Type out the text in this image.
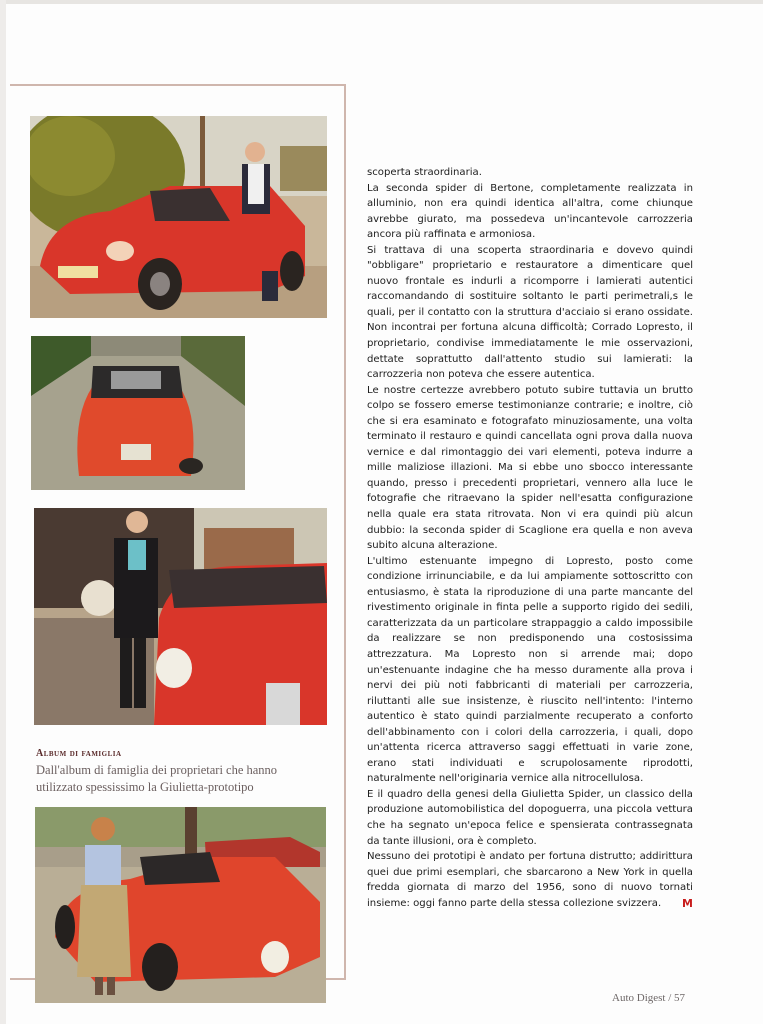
Album di famiglia
Dall'album di famiglia dei proprietari che hanno utilizzato spessissimo la Giulietta-prototipo

scoperta straordinaria.

La seconda spider di Bertone, completamente realizzata in alluminio, non era quindi identica all'altra, come chiunque avrebbe giurato, ma possedeva un'incantevole carrozzeria ancora più raffinata e armoniosa.

Si trattava di una scoperta straordinaria e dovevo quindi "obbligare" proprietario e restauratore a dimenticare quel nuovo frontale es indurli a ricomporre i lamierati autentici raccomandando di sostituire soltanto le parti perimetrali,s le quali, per il contatto con la struttura d'acciaio si erano ossidate. Non incontrai per fortuna alcuna difficoltà; Corrado Lopresto, il proprietario, condivise immediatamente le mie osservazioni, dettate soprattutto dall'attento studio sui lamierati: la carrozzeria non poteva che essere autentica.

Le nostre certezze avrebbero potuto subire tuttavia un brutto colpo se fossero emerse testimonianze contrarie; e inoltre, ciò che si era esaminato e fotografato minuziosamente, una volta terminato il restauro e quindi cancellata ogni prova dalla nuova vernice e dal rimontaggio dei vari elementi, poteva indurre a mille maliziose illazioni. Ma si ebbe uno sbocco interessante quando, presso i precedenti proprietari, vennero alla luce le fotografie che ritraevano la spider nell'esatta configurazione nella quale era stata ritrovata. Non vi era quindi più alcun dubbio: la seconda spider di Scaglione era quella e non aveva subito alcuna alterazione.

L'ultimo estenuante impegno di Lopresto, posto come condizione irrinunciabile, e da lui ampiamente sottoscritto con entusiasmo, è stata la riproduzione di una parte mancante del rivestimento originale in finta pelle a supporto rigido dei sedili, caratterizzata da un particolare strappaggio a caldo impossibile da realizzare se non predisponendo una costosissima attrezzatura. Ma Lopresto non si arrende mai; dopo un'estenuante indagine che ha messo duramente alla prova i nervi dei più noti fabbricanti di materiali per carrozzeria, riluttanti alle sue insistenze, è riuscito nell'intento: l'interno autentico è stato quindi parzialmente recuperato a conforto dell'abbinamento con i colori della carrozzeria, i quali, dopo un'attenta ricerca attraverso saggi effettuati in varie zone, erano stati individuati e scrupolosamente riprodotti, naturalmente nell'originaria vernice alla nitrocellulosa.

E il quadro della genesi della Giulietta Spider, un classico della produzione automobilistica del dopoguerra, una piccola vettura che ha segnato un'epoca felice e spensierata contrassegnata da tante illusioni, ora è completo.

Nessuno dei prototipi è andato per fortuna distrutto; addirittura quei due primi esemplari, che sbarcarono a New York in quella fredda giornata di marzo del 1956, sono di nuovo tornati insieme: oggi fanno parte della stessa collezione svizzera. M

Auto Digest / 57
